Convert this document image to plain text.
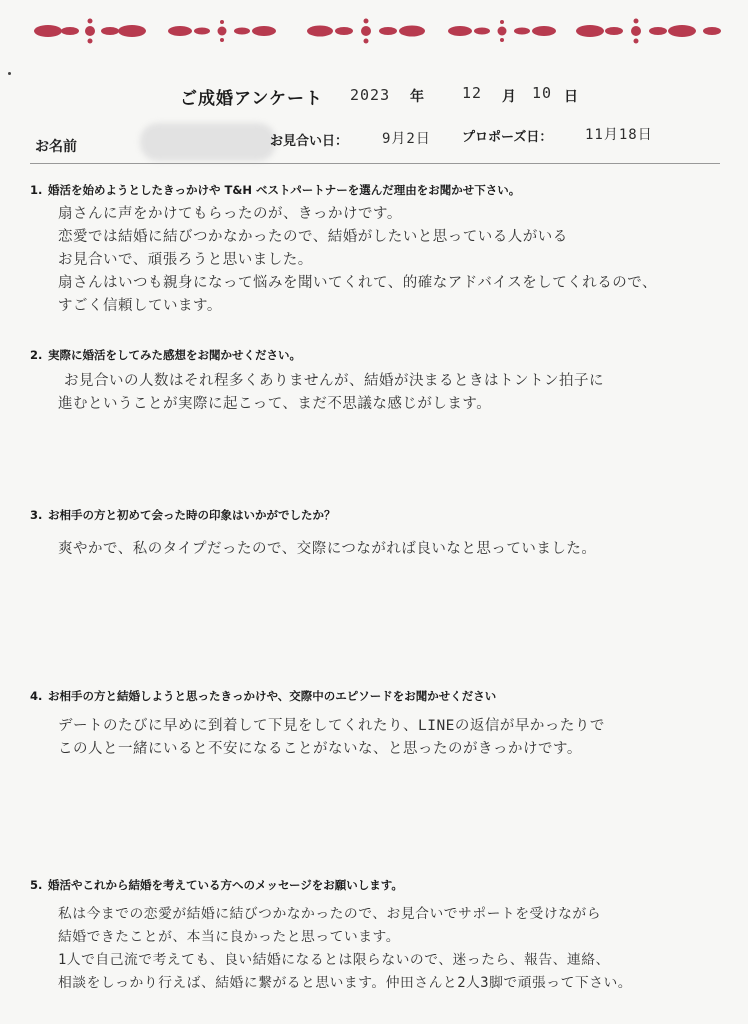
ご成婚アンケート 2023 年	12 月 10 日
お名前	お見合い日： 9月2日 プロポーズ日： 11月18日
1. 婚活を始めようとしたきっかけや T&H ベストパートナーを選んだ理由をお聞かせ下さい。
扇さんに声をかけてもらったのが、きっかけです。
恋愛では結婚に結びつかなかったので、結婚がしたいと思っている人がいる
お見合いで、頑張ろうと思いました。
扇さんはいつも親身になって悩みを聞いてくれて、的確なアドバイスをしてくれるので、
すごく信頼しています。
2. 実際に婚活をしてみた感想をお聞かせください。
お見合いの人数はそれ程多くありませんが、結婚が決まるときはトントン拍子に
進むということが実際に起こって、まだ不思議な感じがします。
3. お相手の方と初めて会った時の印象はいかがでしたか？
爽やかで、私のタイプだったので、交際につながれば良いなと思っていました。
4. お相手の方と結婚しようと思ったきっかけや、交際中のエピソードをお聞かせください
デートのたびに早めに到着して下見をしてくれたり、LINEの返信が早かったりで
この人と一緒にいると不安になることがないな、と思ったのがきっかけです。
5. 婚活やこれから結婚を考えている方へのメッセージをお願いします。
私は今までの恋愛が結婚に結びつかなかったので、お見合いでサポートを受けながら
結婚できたことが、本当に良かったと思っています。
1人で自己流で考えても、良い結婚になるとは限らないので、迷ったら、報告、連絡、
相談をしっかり行えば、結婚に繋がると思います。仲田さんと2人3脚で頑張って下さい。
